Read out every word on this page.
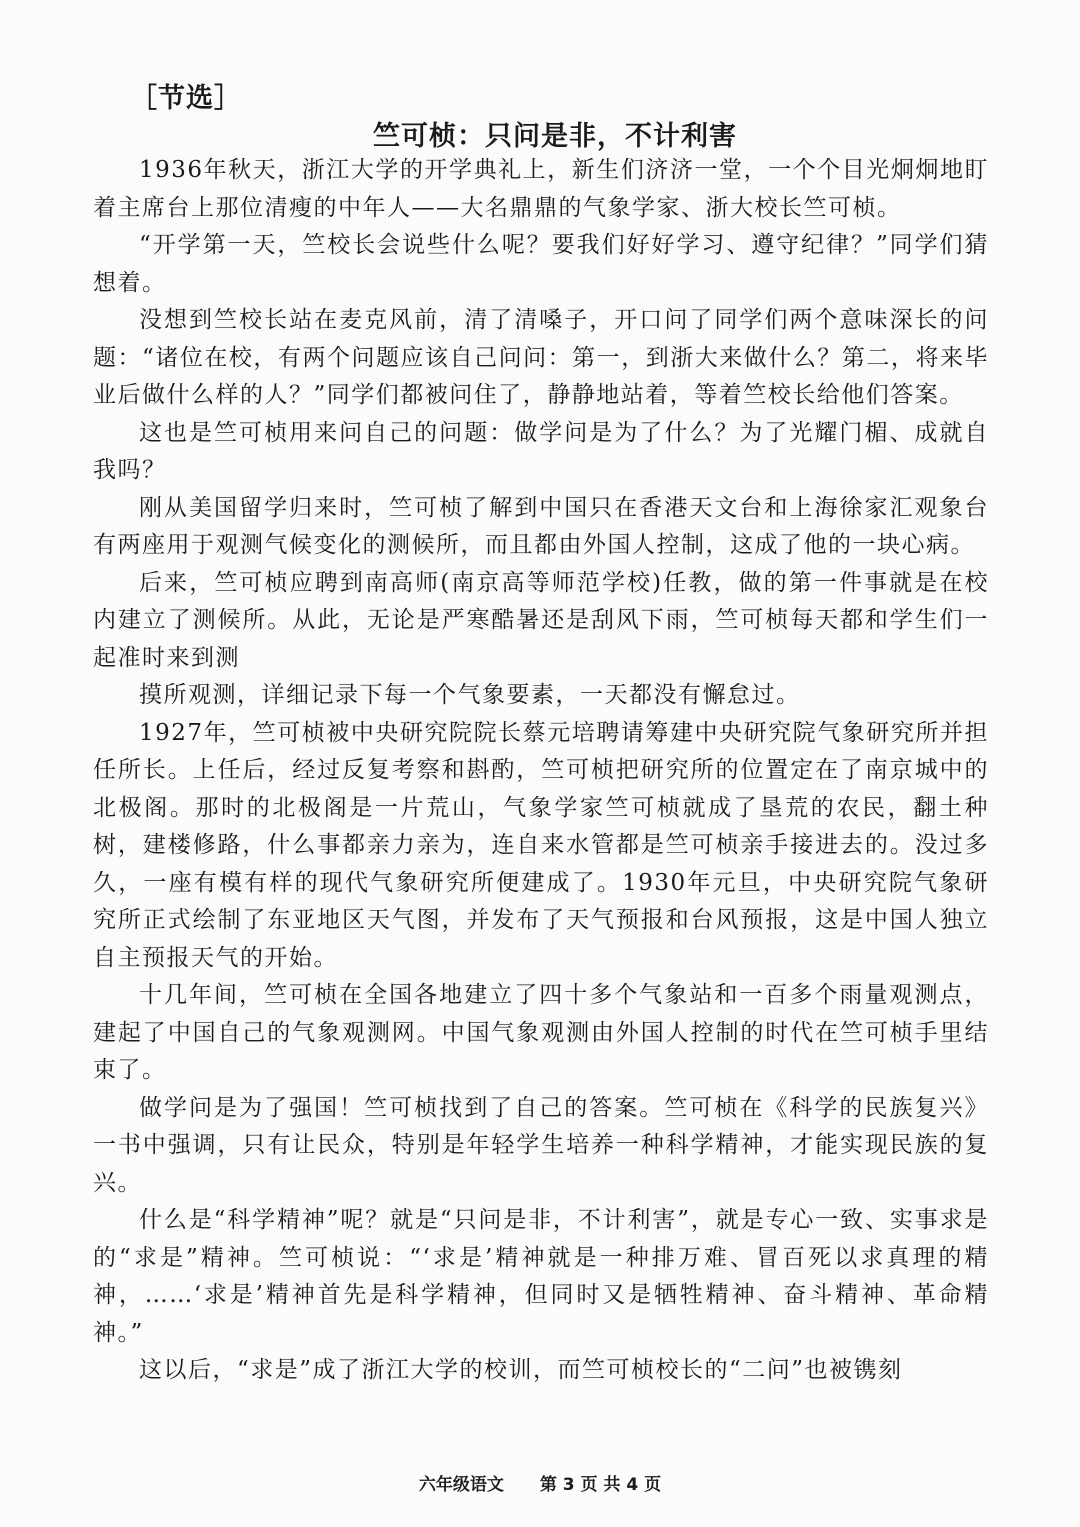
［节选］
竺可桢：只问是非，不计利害

1936年秋天，浙江大学的开学典礼上，新生们济济一堂，一个个目光炯炯地盯着主席台上那位清瘦的中年人——大名鼎鼎的气象学家、浙大校长竺可桢。

“开学第一天，竺校长会说些什么呢？要我们好好学习、遵守纪律？”同学们猜想着。

没想到竺校长站在麦克风前，清了清嗓子，开口问了同学们两个意味深长的问题：“诸位在校，有两个问题应该自己问问：第一，到浙大来做什么？第二，将来毕业后做什么样的人？”同学们都被问住了，静静地站着，等着竺校长给他们答案。

这也是竺可桢用来问自己的问题：做学问是为了什么？为了光耀门楣、成就自我吗？

刚从美国留学归来时，竺可桢了解到中国只在香港天文台和上海徐家汇观象台有两座用于观测气候变化的测候所，而且都由外国人控制，这成了他的一块心病。

后来，竺可桢应聘到南高师(南京高等师范学校)任教，做的第一件事就是在校内建立了测候所。从此，无论是严寒酷暑还是刮风下雨，竺可桢每天都和学生们一起准时来到测

摸所观测，详细记录下每一个气象要素，一天都没有懈怠过。

1927年，竺可桢被中央研究院院长蔡元培聘请筹建中央研究院气象研究所并担任所长。上任后，经过反复考察和斟酌，竺可桢把研究所的位置定在了南京城中的北极阁。那时的北极阁是一片荒山，气象学家竺可桢就成了垦荒的农民，翻土种树，建楼修路，什么事都亲力亲为，连自来水管都是竺可桢亲手接进去的。没过多久，一座有模有样的现代气象研究所便建成了。1930年元旦，中央研究院气象研究所正式绘制了东亚地区天气图，并发布了天气预报和台风预报，这是中国人独立自主预报天气的开始。

十几年间，竺可桢在全国各地建立了四十多个气象站和一百多个雨量观测点，建起了中国自己的气象观测网。中国气象观测由外国人控制的时代在竺可桢手里结束了。

做学问是为了强国！竺可桢找到了自己的答案。竺可桢在《科学的民族复兴》一书中强调，只有让民众，特别是年轻学生培养一种科学精神，才能实现民族的复兴。

什么是“科学精神”呢？就是“只问是非，不计利害”，就是专心一致、实事求是的“求是”精神。竺可桢说：“‘求是’精神就是一种排万难、冒百死以求真理的精神，……‘求是’精神首先是科学精神，但同时又是牺牲精神、奋斗精神、革命精神。”

这以后，“求是”成了浙江大学的校训，而竺可桢校长的“二问”也被镌刻

六年级语文 第 3 页 共 4 页
